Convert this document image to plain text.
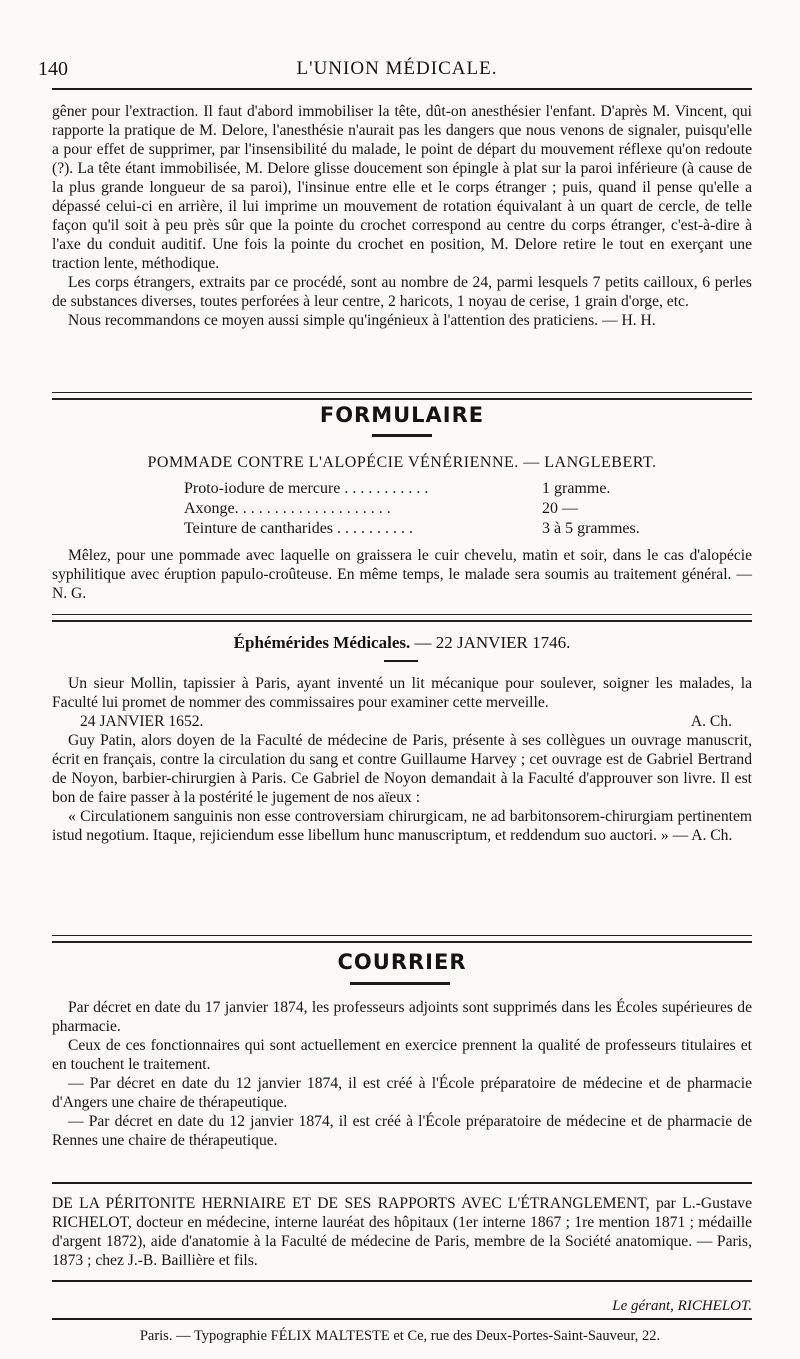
140	L'UNION MÉDICALE.

gêner pour l'extraction. Il faut d'abord immobiliser la tête, dût-on anesthésier l'enfant. D'après M. Vincent, qui rapporte la pratique de M. Delore, l'anesthésie n'aurait pas les dangers que nous venons de signaler, puisqu'elle a pour effet de supprimer, par l'insensibilité du malade, le point de départ du mouvement réflexe qu'on redoute (?). La tête étant immobilisée, M. Delore glisse doucement son épingle à plat sur la paroi inférieure (à cause de la plus grande longueur de sa paroi), l'insinue entre elle et le corps étranger ; puis, quand il pense qu'elle a dépassé celui-ci en arrière, il lui imprime un mouvement de rotation équivalant à un quart de cercle, de telle façon qu'il soit à peu près sûr que la pointe du crochet correspond au centre du corps étranger, c'est-à-dire à l'axe du conduit auditif. Une fois la pointe du crochet en position, M. Delore retire le tout en exerçant une traction lente, méthodique.

Les corps étrangers, extraits par ce procédé, sont au nombre de 24, parmi lesquels 7 petits cailloux, 6 perles de substances diverses, toutes perforées à leur centre, 2 haricots, 1 noyau de cerise, 1 grain d'orge, etc.

Nous recommandons ce moyen aussi simple qu'ingénieux à l'attention des praticiens. — H. H.

FORMULAIRE
POMMADE CONTRE L'ALOPÉCIE VÉNÉRIENNE. — LANGLEBERT.
Proto-iodure de mercure . . . . . . . . . . .	1 gramme.
Axonge. . . . . . . . . . . . . . . . . . . .	20 —
Teinture de cantharides . . . . . . . . . .	3 à 5 grammes.

Mêlez, pour une pommade avec laquelle on graissera le cuir chevelu, matin et soir, dans le cas d'alopécie syphilitique avec éruption papulo-croûteuse. En même temps, le malade sera soumis au traitement général. — N. G.

Éphémérides Médicales. — 22 JANVIER 1746.

Un sieur Mollin, tapissier à Paris, ayant inventé un lit mécanique pour soulever, soigner les malades, la Faculté lui promet de nommer des commissaires pour examiner cette merveille.

A. Ch.
24 JANVIER 1652.

Guy Patin, alors doyen de la Faculté de médecine de Paris, présente à ses collègues un ouvrage manuscrit, écrit en français, contre la circulation du sang et contre Guillaume Harvey ; cet ouvrage est de Gabriel Bertrand de Noyon, barbier-chirurgien à Paris. Ce Gabriel de Noyon demandait à la Faculté d'approuver son livre. Il est bon de faire passer à la postérité le jugement de nos aïeux :

« Circulationem sanguinis non esse controversiam chirurgicam, ne ad barbitonsorem-chirurgiam pertinentem istud negotium. Itaque, rejiciendum esse libellum hunc manuscriptum, et reddendum suo auctori. » — A. Ch.

COURRIER

Par décret en date du 17 janvier 1874, les professeurs adjoints sont supprimés dans les Écoles supérieures de pharmacie.

Ceux de ces fonctionnaires qui sont actuellement en exercice prennent la qualité de professeurs titulaires et en touchent le traitement.

— Par décret en date du 12 janvier 1874, il est créé à l'École préparatoire de médecine et de pharmacie d'Angers une chaire de thérapeutique.

— Par décret en date du 12 janvier 1874, il est créé à l'École préparatoire de médecine et de pharmacie de Rennes une chaire de thérapeutique.

DE LA PÉRITONITE HERNIAIRE ET DE SES RAPPORTS AVEC L'ÉTRANGLEMENT, par L.-Gustave RICHELOT, docteur en médecine, interne lauréat des hôpitaux (1er interne 1867 ; 1re mention 1871 ; médaille d'argent 1872), aide d'anatomie à la Faculté de médecine de Paris, membre de la Société anatomique. — Paris, 1873 ; chez J.-B. Baillière et fils.

Le gérant, RICHELOT.
Paris. — Typographie FÉLIX MALTESTE et Ce, rue des Deux-Portes-Saint-Sauveur, 22.
